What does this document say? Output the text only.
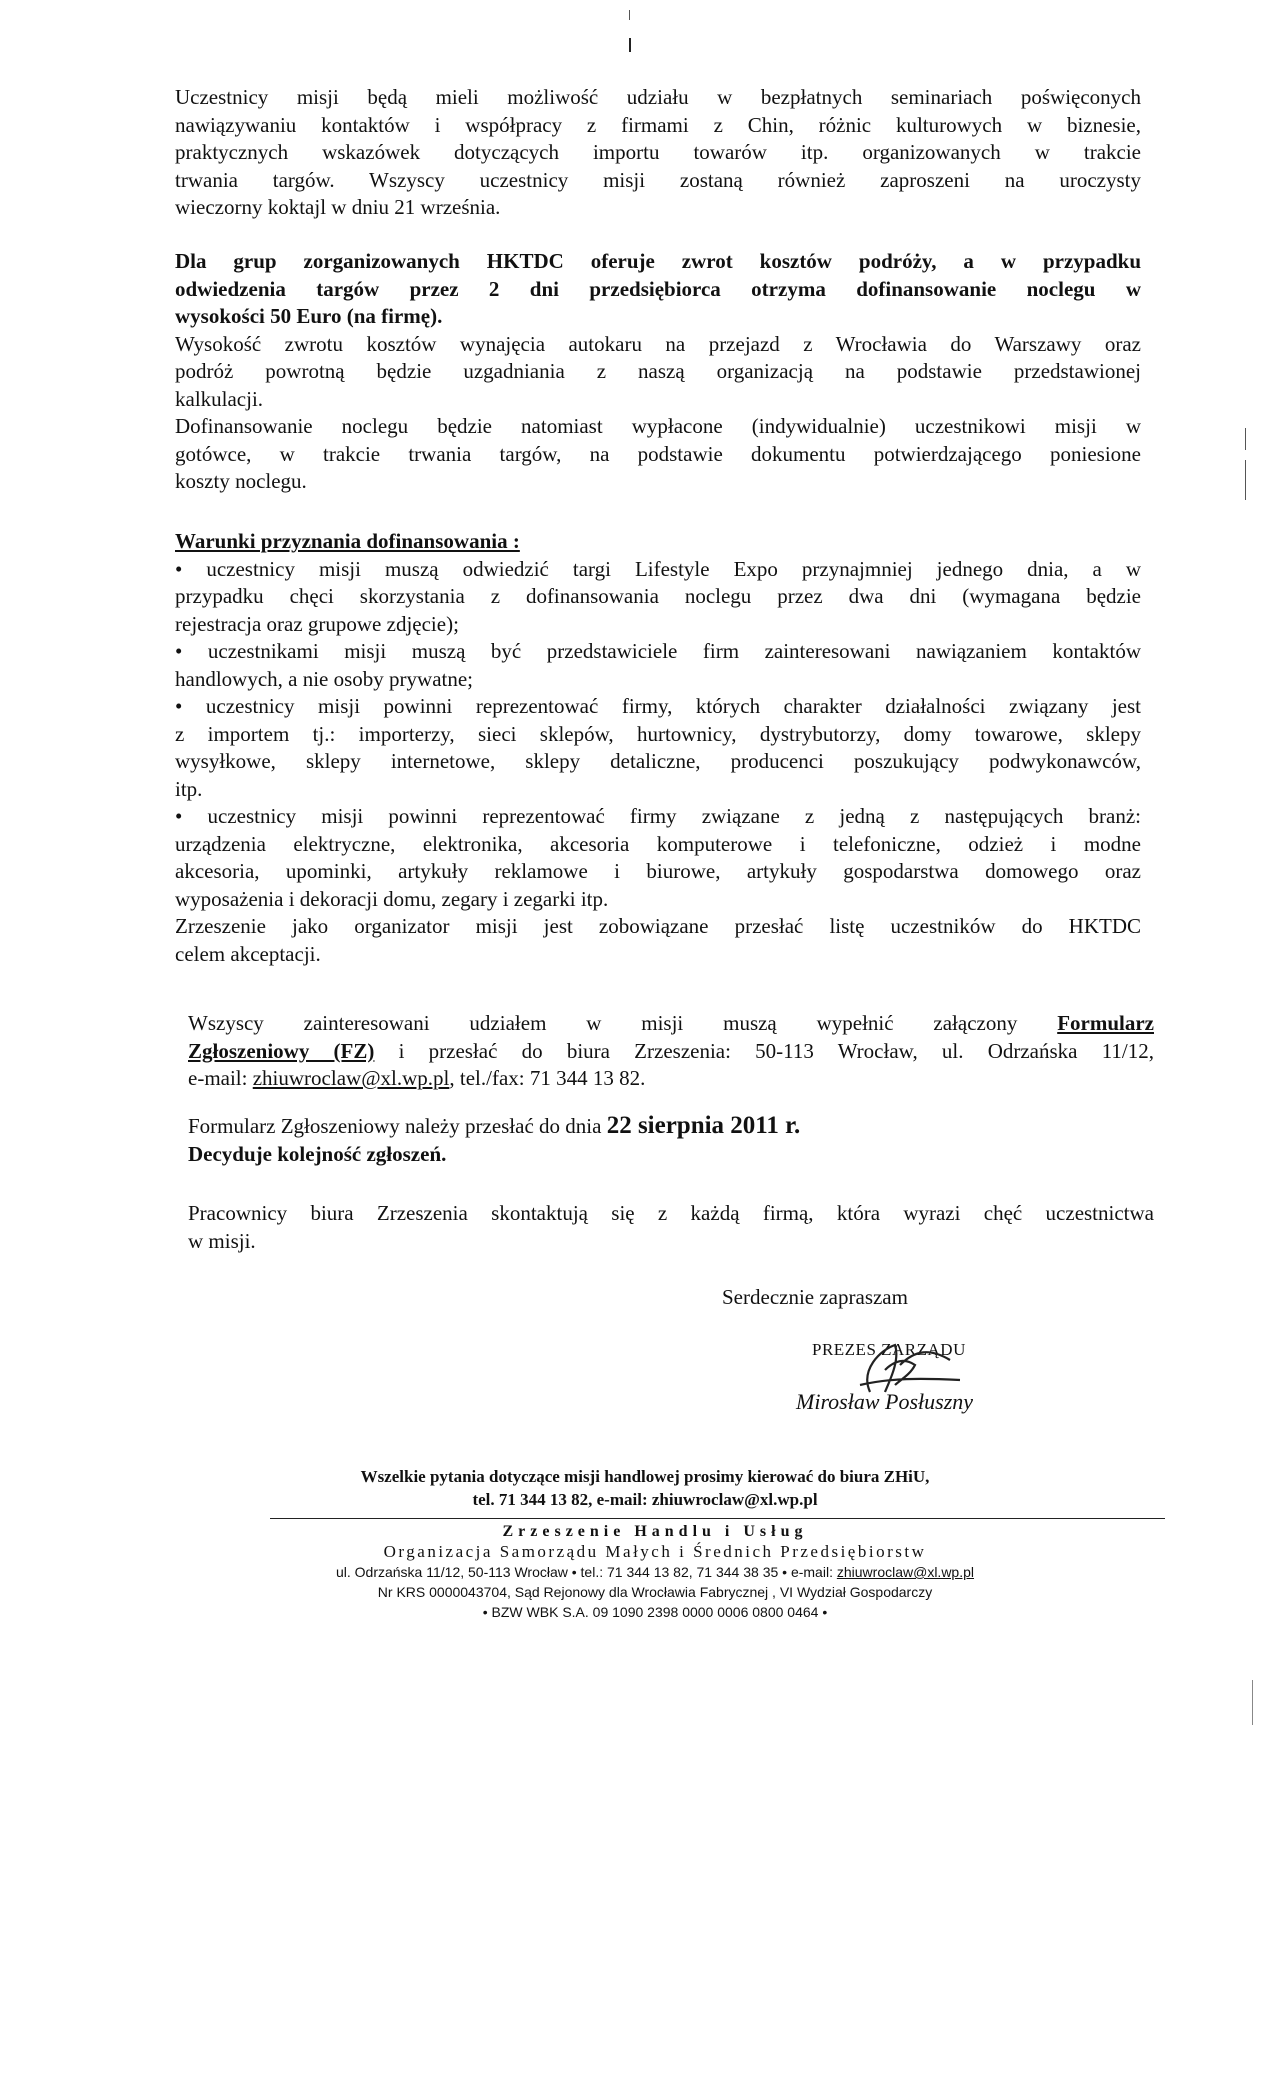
Uczestnicy misji będą mieli możliwość udziału w bezpłatnych seminariach poświęconych
nawiązywaniu kontaktów i współpracy z firmami z Chin, różnic kulturowych w biznesie,
praktycznych wskazówek dotyczących importu towarów itp. organizowanych w trakcie
trwania targów. Wszyscy uczestnicy misji zostaną również zaproszeni na uroczysty
wieczorny koktajl w dniu 21 września.
Dla grup zorganizowanych HKTDC oferuje zwrot kosztów podróży, a w przypadku
odwiedzenia targów przez 2 dni przedsiębiorca otrzyma dofinansowanie noclegu w
wysokości 50 Euro (na firmę).
Wysokość zwrotu kosztów wynajęcia autokaru na przejazd z Wrocławia do Warszawy oraz
podróż powrotną będzie uzgadniania z naszą organizacją na podstawie przedstawionej
kalkulacji.
Dofinansowanie noclegu będzie natomiast wypłacone (indywidualnie) uczestnikowi misji w
gotówce, w trakcie trwania targów, na podstawie dokumentu potwierdzającego poniesione
koszty noclegu.
Warunki przyznania dofinansowania :
• uczestnicy misji muszą odwiedzić targi Lifestyle Expo przynajmniej jednego dnia, a w
przypadku chęci skorzystania z dofinansowania noclegu przez dwa dni (wymagana będzie
rejestracja oraz grupowe zdjęcie);
• uczestnikami misji muszą być przedstawiciele firm zainteresowani nawiązaniem kontaktów
handlowych, a nie osoby prywatne;
• uczestnicy misji powinni reprezentować firmy, których charakter działalności związany jest
z importem tj.: importerzy, sieci sklepów, hurtownicy, dystrybutorzy, domy towarowe, sklepy
wysyłkowe, sklepy internetowe, sklepy detaliczne, producenci poszukujący podwykonawców,
itp.
• uczestnicy misji powinni reprezentować firmy związane z jedną z następujących branż:
urządzenia elektryczne, elektronika, akcesoria komputerowe i telefoniczne, odzież i modne
akcesoria, upominki, artykuły reklamowe i biurowe, artykuły gospodarstwa domowego oraz
wyposażenia i dekoracji domu, zegary i zegarki itp.
Zrzeszenie jako organizator misji jest zobowiązane przesłać listę uczestników do HKTDC
celem akceptacji.
Wszyscy zainteresowani udziałem w misji muszą wypełnić załączony Formularz
Zgłoszeniowy (FZ) i przesłać do biura Zrzeszenia: 50-113 Wrocław, ul. Odrzańska 11/12,
e-mail: zhiuwroclaw@xl.wp.pl, tel./fax: 71 344 13 82.
Formularz Zgłoszeniowy należy przesłać do dnia 22 sierpnia 2011 r.
Decyduje kolejność zgłoszeń.
Pracownicy biura Zrzeszenia skontaktują się z każdą firmą, która wyrazi chęć uczestnictwa
w misji.
Serdecznie zapraszam
PREZES ZARZĄDU
Mirosław Posłuszny
Wszelkie pytania dotyczące misji handlowej prosimy kierować do biura ZHiU,
tel. 71 344 13 82, e-mail: zhiuwroclaw@xl.wp.pl
Zrzeszenie Handlu i Usług
Organizacja Samorządu Małych i Średnich Przedsiębiorstw
ul. Odrzańska 11/12, 50-113 Wrocław • tel.: 71 344 13 82, 71 344 38 35 • e-mail: zhiuwroclaw@xl.wp.pl
Nr KRS 0000043704, Sąd Rejonowy dla Wrocławia Fabrycznej , VI Wydział Gospodarczy
• BZW WBK S.A. 09 1090 2398 0000 0006 0800 0464 •
